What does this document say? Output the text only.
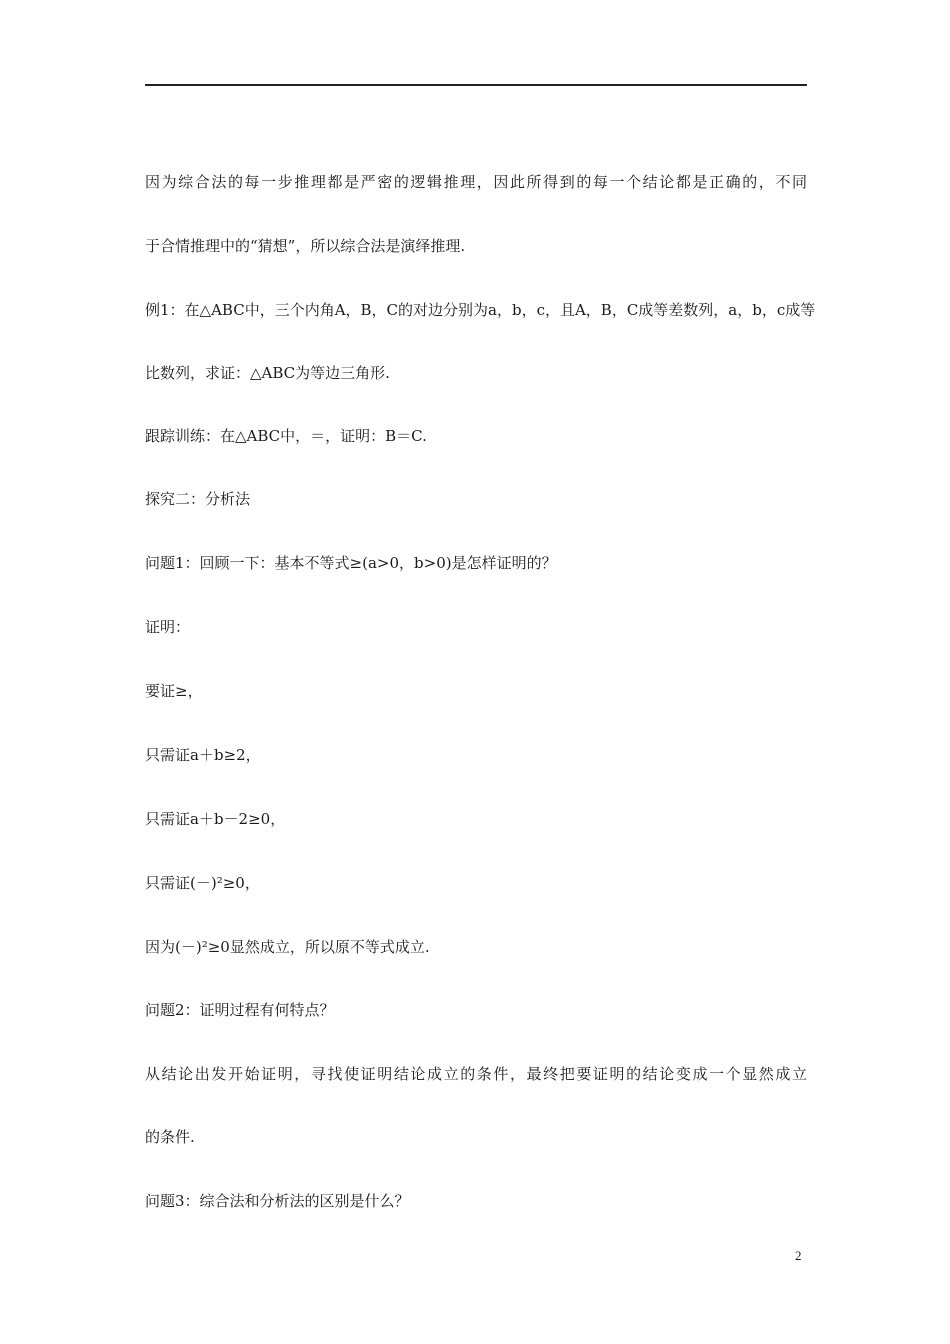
因为综合法的每一步推理都是严密的逻辑推理，因此所得到的每一个结论都是正确的，不同
于合情推理中的“猜想”，所以综合法是演绎推理.
例1：在△ABC中，三个内角A，B，C的对边分别为a，b，c，且A，B，C成等差数列，a，b，c成等
比数列，求证：△ABC为等边三角形.
跟踪训练：在△ABC中，＝，证明：B＝C.
探究二：分析法
问题1：回顾一下：基本不等式≥(a>0，b>0)是怎样证明的？
证明：
要证≥，
只需证a＋b≥2，
只需证a＋b－2≥0，
只需证(－)²≥0，
因为(－)²≥0显然成立，所以原不等式成立.
问题2：证明过程有何特点？
从结论出发开始证明，寻找使证明结论成立的条件，最终把要证明的结论变成一个显然成立
的条件.
问题3：综合法和分析法的区别是什么？
2
